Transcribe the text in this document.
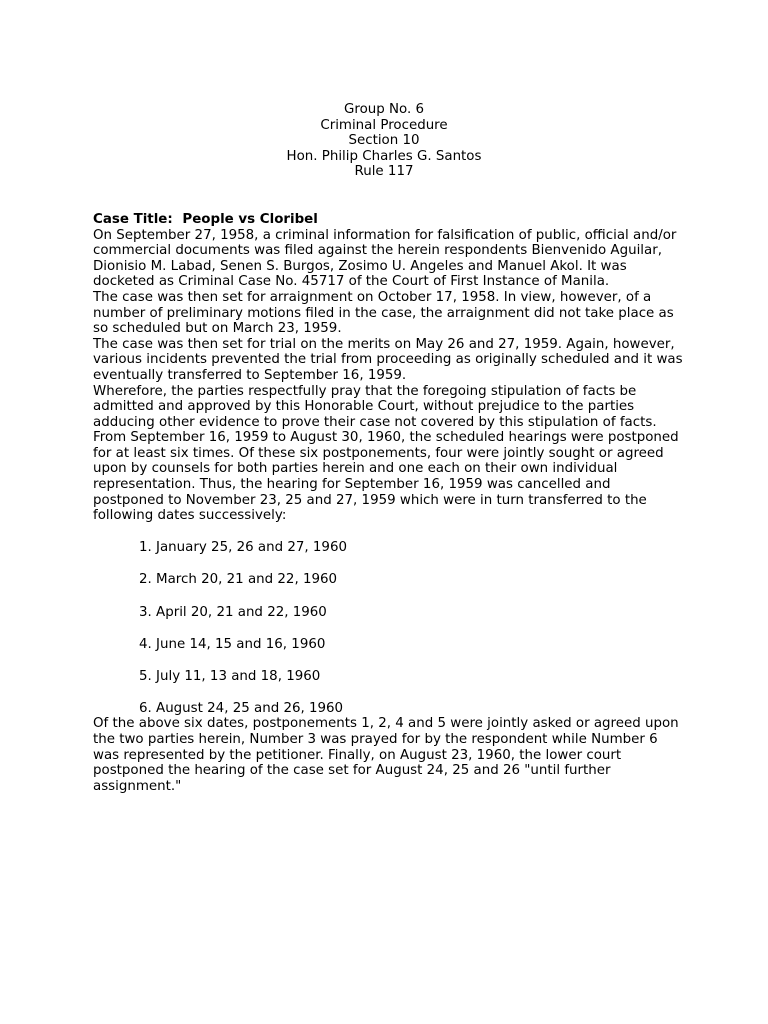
Group No. 6
Criminal Procedure
Section 10
Hon. Philip Charles G. Santos
Rule 117
Case Title: People vs Cloribel

On September 27, 1958, a criminal information for falsification of public, official and/or commercial documents was filed against the herein respondents Bienvenido Aguilar, Dionisio M. Labad, Senen S. Burgos, Zosimo U. Angeles and Manuel Akol. It was docketed as Criminal Case No. 45717 of the Court of First Instance of Manila.

The case was then set for arraignment on October 17, 1958. In view, however, of a number of preliminary motions filed in the case, the arraignment did not take place as so scheduled but on March 23, 1959.

The case was then set for trial on the merits on May 26 and 27, 1959. Again, however, various incidents prevented the trial from proceeding as originally scheduled and it was eventually transferred to September 16, 1959.

Wherefore, the parties respectfully pray that the foregoing stipulation of facts be admitted and approved by this Honorable Court, without prejudice to the parties adducing other evidence to prove their case not covered by this stipulation of facts.

From September 16, 1959 to August 30, 1960, the scheduled hearings were postponed for at least six times. Of these six postponements, four were jointly sought or agreed upon by counsels for both parties herein and one each on their own individual representation. Thus, the hearing for September 16, 1959 was cancelled and postponed to November 23, 25 and 27, 1959 which were in turn transferred to the following dates successively:

1. January 25, 26 and 27, 1960
2. March 20, 21 and 22, 1960
3. April 20, 21 and 22, 1960
4. June 14, 15 and 16, 1960
5. July 11, 13 and 18, 1960
6. August 24, 25 and 26, 1960

Of the above six dates, postponements 1, 2, 4 and 5 were jointly asked or agreed upon the two parties herein, Number 3 was prayed for by the respondent while Number 6 was represented by the petitioner. Finally, on August 23, 1960, the lower court postponed the hearing of the case set for August 24, 25 and 26 "until further assignment."
